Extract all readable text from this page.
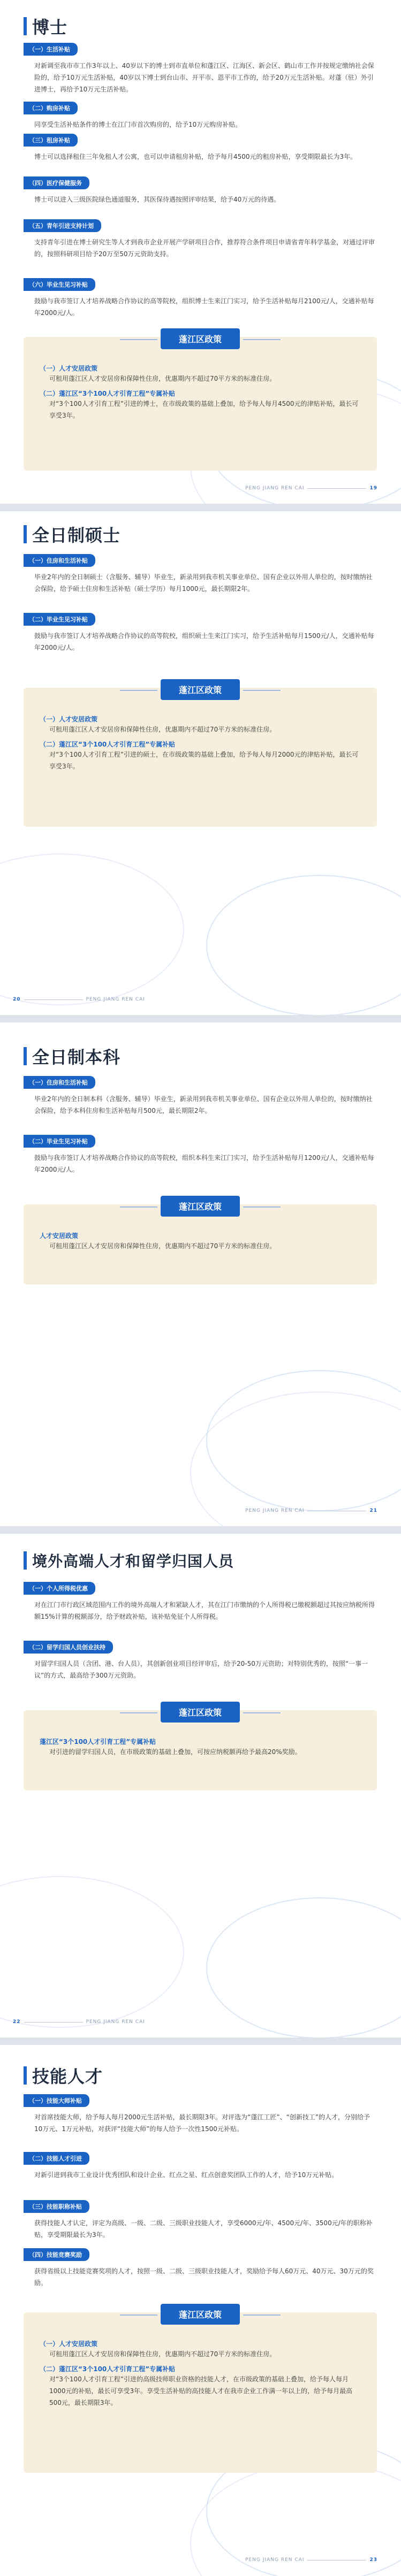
博士
（一）生活补贴
对新调至我市市工作3年以上、40岁以下的博士到市直单位和蓬江区、江海区、新会区、鹤山市工作并按规定缴纳社会保险的，给予10万元生活补贴，40岁以下博士到台山市、开平市、恩平市工作的，给予20万元生活补贴。对蓬（驻）外引进博士，再给予10万元生活补贴。
（二）购房补贴
同享受生活补贴条件的博士在江门市首次购房的，给予10万元购房补贴。
（三）租房补贴
博士可以选择租住三年免租人才公寓，也可以申请租房补贴，给予每月4500元的租房补贴，享受期限最长为3年。
（四）医疗保健服务
博士可以进入三级医院绿色通道服务，其医保待遇按照评审结果，给予40万元的待遇。
（五）青年引进支持计划
支持青年引进在博士研究生等人才到我市企业开展产学研项目合作，推荐符合条件项目申请省青年科学基金，对通过评审的，按照科研项目给予20万至50万元资助支持。
（六）毕业生见习补贴
鼓励与我市签订人才培养战略合作协议的高等院校，组织博士生来江门实习，给予生活补贴每月2100元/人，交通补贴每年2000元/人。
蓬江区政策
（一）人才安居政策
可租用蓬江区人才安居房和保障性住房，优惠期内不超过70平方米的标准住房。
（二）蓬江区“3个100人才引育工程”专属补贴
对“3个100人才引育工程”引进的博士，在市级政策的基础上叠加，给予每人每月4500元的津贴补贴，最长可享受3年。
PENG JIANG REN CAI	19
全日制硕士
（一）住房和生活补贴
毕业2年内的全日制硕士（含服务、辅导）毕业生，新录用到我市机关事业单位、国有企业以外用人单位的，按时缴纳社会保险，给予硕士住房和生活补贴（硕士学历）每月1000元，最长期限2年。
（二）毕业生见习补贴
鼓励与我市签订人才培养战略合作协议的高等院校，组织硕士生来江门实习，给予生活补贴每月1500元/人，交通补贴每年2000元/人。
蓬江区政策
（一）人才安居政策
可租用蓬江区人才安居房和保障性住房，优惠期内不超过70平方米的标准住房。
（二）蓬江区“3个100人才引育工程”专属补贴
对“3个100人才引育工程”引进的硕士，在市级政策的基础上叠加，给予每人每月2000元的津贴补贴，最长可享受3年。
20	PENG JIANG REN CAI
全日制本科
（一）住房和生活补贴
毕业2年内的全日制本科（含服务、辅导）毕业生，新录用到我市机关事业单位、国有企业以外用人单位的，按时缴纳社会保险，给予本科住房和生活补贴每月500元，最长期限2年。
（二）毕业生见习补贴
鼓励与我市签订人才培养战略合作协议的高等院校，组织本科生来江门实习，给予生活补贴每月1200元/人，交通补贴每年2000元/人。
蓬江区政策
人才安居政策
可租用蓬江区人才安居房和保障性住房，优惠期内不超过70平方米的标准住房。
PENG JIANG REN CAI	21
境外高端人才和留学归国人员
（一）个人所得税优惠
对在江门市行政区域范围内工作的境外高端人才和紧缺人才，其在江门市缴纳的个人所得税已缴税额超过其按应纳税所得额15%计算的税额部分，给予财政补贴，该补贴免征个人所得税。
（二）留学归国人员创业扶持
对留学归国人员（含团、港、台人员），其创新创业项目经评审后，给予20-50万元资助；对特别优秀的，按照“一事一议”的方式，最高给予300万元资助。
蓬江区政策
蓬江区“3个100人才引育工程”专属补贴
对引进的留学归国人员，在市级政策的基础上叠加，可按应纳税额再给予最高20%奖励。
22	PENG JIANG REN CAI
技能人才
（一）技能大师补贴
对首席技能大师，给予每人每月2000元生活补贴，最长期限3年。对评选为“蓬江工匠”、“创新技工”的人才，分别给予10万元、1万元补贴，对获评“技能大师”的每人给予一次性1500元补贴。
（二）技能人才引进
对新引进到我市工业设计优秀团队和设计企业、红点之星、红点创意奖团队工作的人才，给予10万元补贴。
（三）技能职称补贴
获得技能人才认定，评定为高级、一级、二级、三级职业技能人才，享受6000元/年、4500元/年、3500元/年的职称补贴，享受期限最长为3年。
（四）技能竞赛奖励
获得省级以上技能竞赛奖项的人才，按照一级、二级、三级职业技能人才，奖励给予每人60万元、40万元、30万元的奖励。
蓬江区政策
（一）人才安居政策
可租用蓬江区人才安居房和保障性住房，优惠期内不超过70平方米的标准住房。
（二）蓬江区“3个100人才引育工程”专属补贴
对“3个100人才引育工程”引进的高级技师职业资格的技能人才，在市级政策的基础上叠加，给予每人每月1000元的补贴，最长可享受3年。享受生活补贴的高技能人才在我市企业工作满一年以上的，给予每月最高500元，最长期限3年。
PENG JIANG REN CAI	23
